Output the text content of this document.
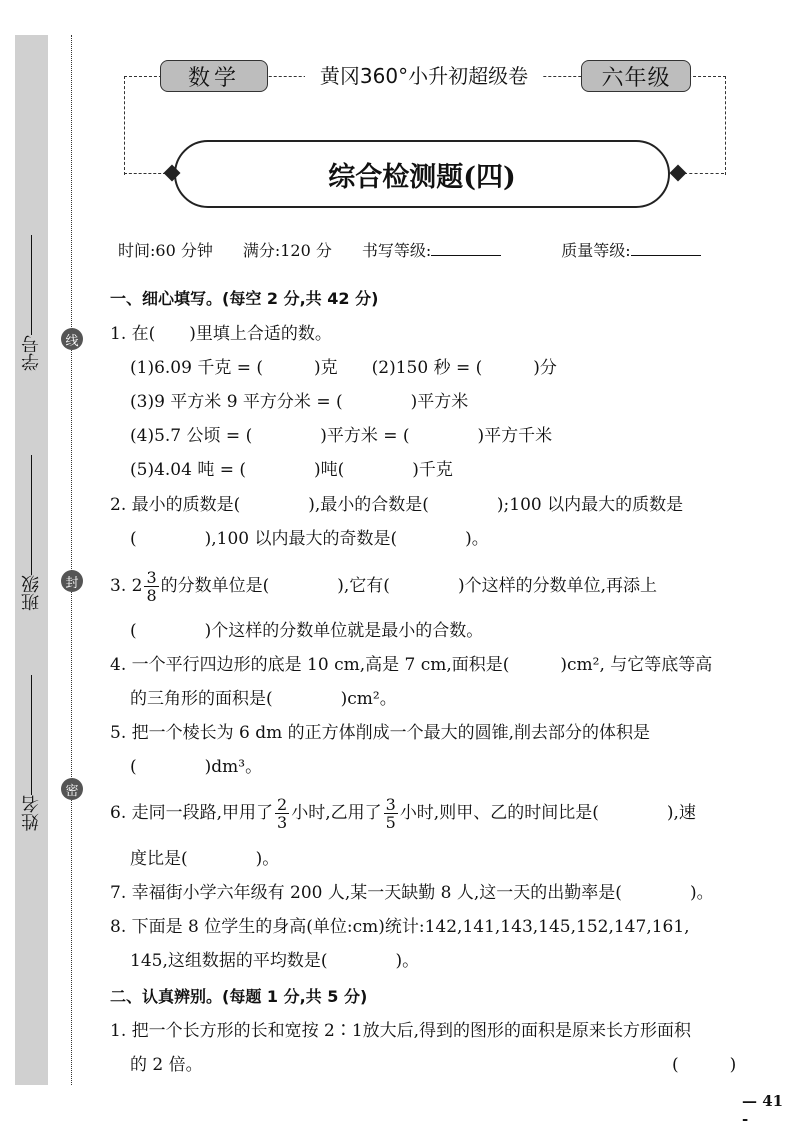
学号
班级
姓名
线
封
密
数学	黄冈360°小升初超级卷	六年级
综合检测题(四)
时间:60 分钟 满分:120 分 书写等级:	质量等级:
一、细心填写。(每空 2 分,共 42 分)
1. 在(　　)里填上合适的数。
(1)6.09 千克 = (　　　)克　　(2)150 秒 = (　　　)分
(3)9 平方米 9 平方分米 = (　　　　)平方米
(4)5.7 公顷 = (　　　　)平方米 = (　　　　)平方千米
(5)4.04 吨 = (　　　　)吨(　　　　)千克
2. 最小的质数是(　　　　),最小的合数是(　　　　);100 以内最大的质数是
(　　　　),100 以内最大的奇数是(　　　　)。
3. $2 \frac{3}{8}$ 的分数单位是(　　　　),它有(　　　　)个这样的分数单位,再添上
(　　　　)个这样的分数单位就是最小的合数。
4. 一个平行四边形的底是 10 cm,高是 7 cm,面积是(　　　)cm², 与它等底等高
的三角形的面积是(　　　　)cm²。
5. 把一个棱长为 6 dm 的正方体削成一个最大的圆锥,削去部分的体积是
(　　　　)dm³。
6. 走同一段路,甲用了 $\frac{2}{3}$ 小时,乙用了 $\frac{3}{5}$ 小时,则甲、乙的时间比是(　　　　),速
度比是(　　　　)。
7. 幸福街小学六年级有 200 人,某一天缺勤 8 人,这一天的出勤率是(　　　　)。
8. 下面是 8 位学生的身高(单位:cm)统计:142,141,143,145,152,147,161,
145,这组数据的平均数是(　　　　)。
二、认真辨别。(每题 1 分,共 5 分)
1. 把一个长方形的长和宽按 2∶1放大后,得到的图形的面积是原来长方形面积
的 2 倍。	(　　　)
— 41 -
